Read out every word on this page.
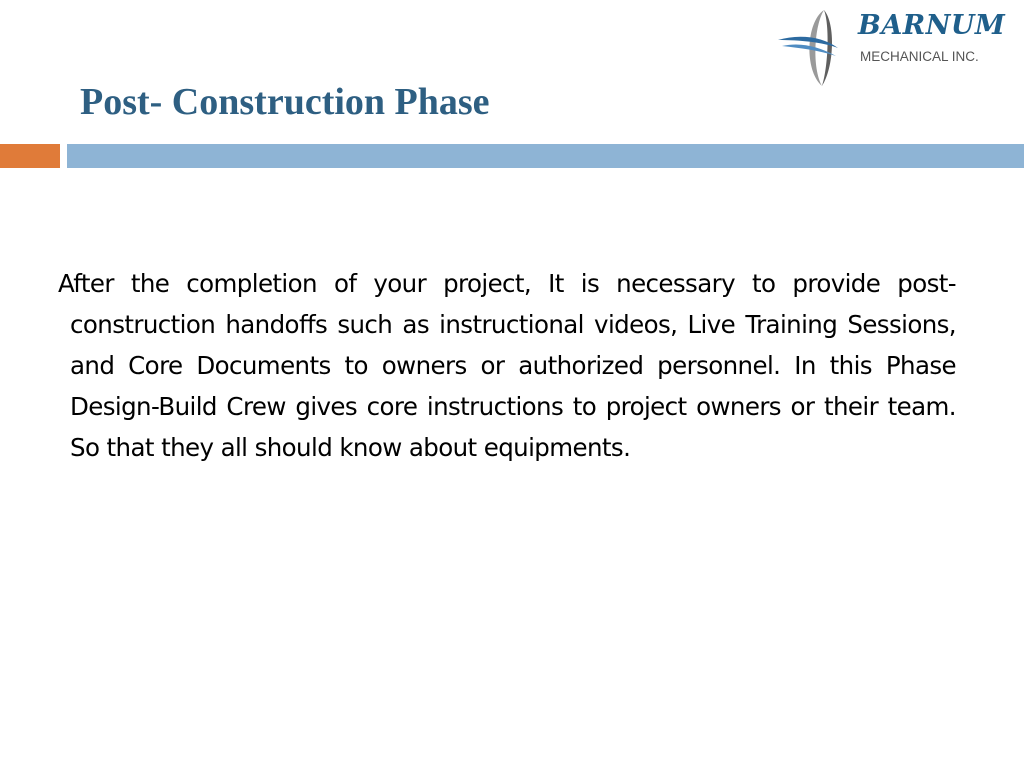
BARNUM
MECHANICAL INC.
Post- Construction Phase

After the completion of your project, It is necessary to provide post-construction handoffs such as instructional videos, Live Training Sessions, and Core Documents to owners or authorized personnel. In this Phase Design-Build Crew gives core instructions to project owners or their team. So that they all should know about equipments.
